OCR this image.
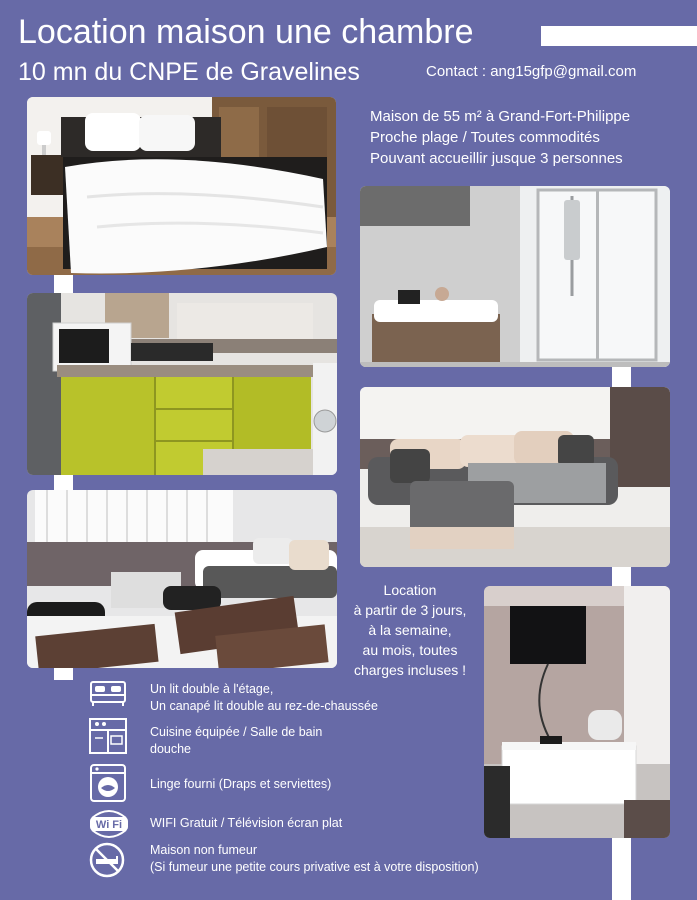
Location maison une chambre
10 mn du CNPE de Gravelines	Contact : ang15gfp@gmail.com
Maison de 55 m² à Grand-Fort-Philippe
Proche plage / Toutes commodités
Pouvant accueillir jusque 3 personnes
Location
à partir de 3 jours,
à la semaine,
au mois, toutes
charges incluses !
Un lit double à l'étage,
Un canapé lit double au rez-de-chaussée
Cuisine équipée / Salle de bain
douche
Linge fourni (Draps et serviettes)
Wi Fi WIFI Gratuit / Télévision écran plat
Maison non fumeur
(Si fumeur une petite cours privative est à votre disposition)
